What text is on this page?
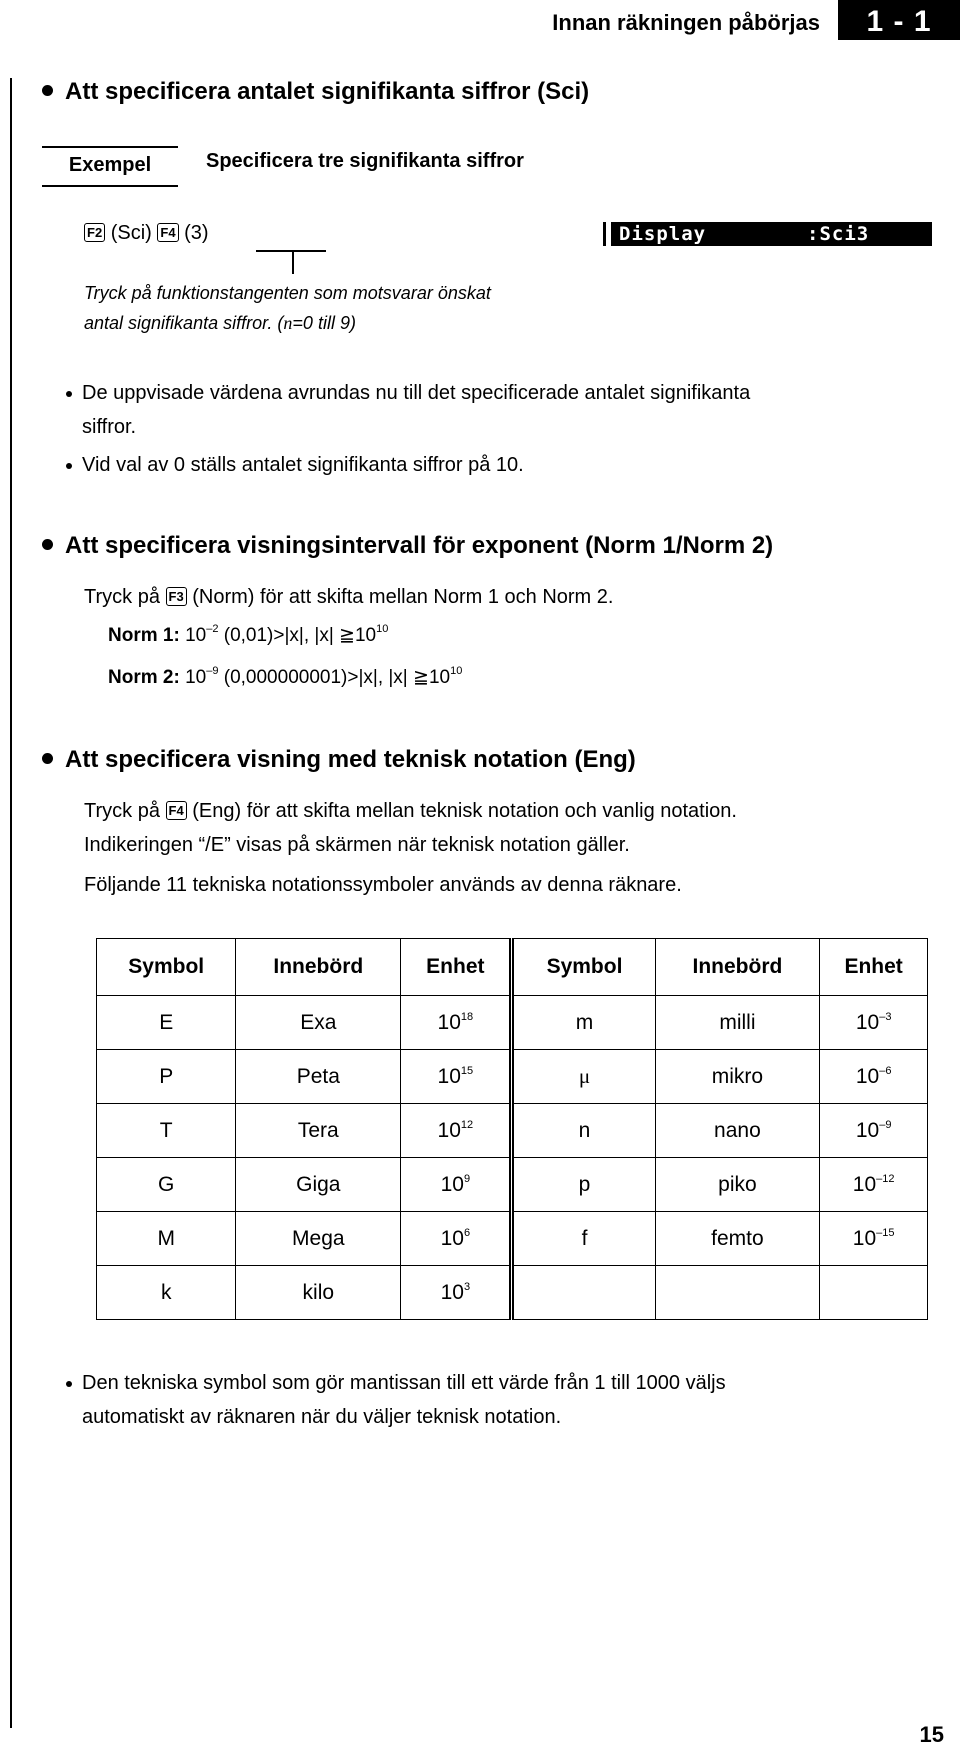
Innan räkningen påbörjas	1 - 1
Att specificera antalet signifikanta siffror (Sci)
Exempel	Specificera tre signifikanta siffror
F2 (Sci) F4 (3)	Display	:Sci3
Tryck på funktionstangenten som motsvarar önskat
antal signifikanta siffror. (n=0 till 9)
De uppvisade värdena avrundas nu till det specificerade antalet signifikanta
siffror.
Vid val av 0 ställs antalet signifikanta siffror på 10.
Att specificera visningsintervall för exponent (Norm 1/Norm 2)
Tryck på F3 (Norm) för att skifta mellan Norm 1 och Norm 2.
Norm 1: $10^{-2}$ (0,01)>|x|, |x| $≧10^{10}$
Norm 2: $10^{-9}$ (0,000000001)>|x|, |x| $≧10^{10}$
Att specificera visning med teknisk notation (Eng)
Tryck på F4 (Eng) för att skifta mellan teknisk notation och vanlig notation.
Indikeringen “/E” visas på skärmen när teknisk notation gäller.
Följande 11 tekniska notationssymboler används av denna räknare.
Symbol	Innebörd	Enhet	Symbol	Innebörd	Enhet
E	Exa	$10^{18}$	m	milli	$10^{-3}$
P	Peta	$10^{15}$	μ	mikro	$10^{-6}$
T	Tera	$10^{12}$	n	nano	$10^{-9}$
G	Giga	$10^9$	p	piko	$10^{-12}$
M	Mega	$10^6$	f	femto	$10^{-15}$
k	kilo	$10^3$			
Den tekniska symbol som gör mantissan till ett värde från 1 till 1000 väljs
automatiskt av räknaren när du väljer teknisk notation.
15
